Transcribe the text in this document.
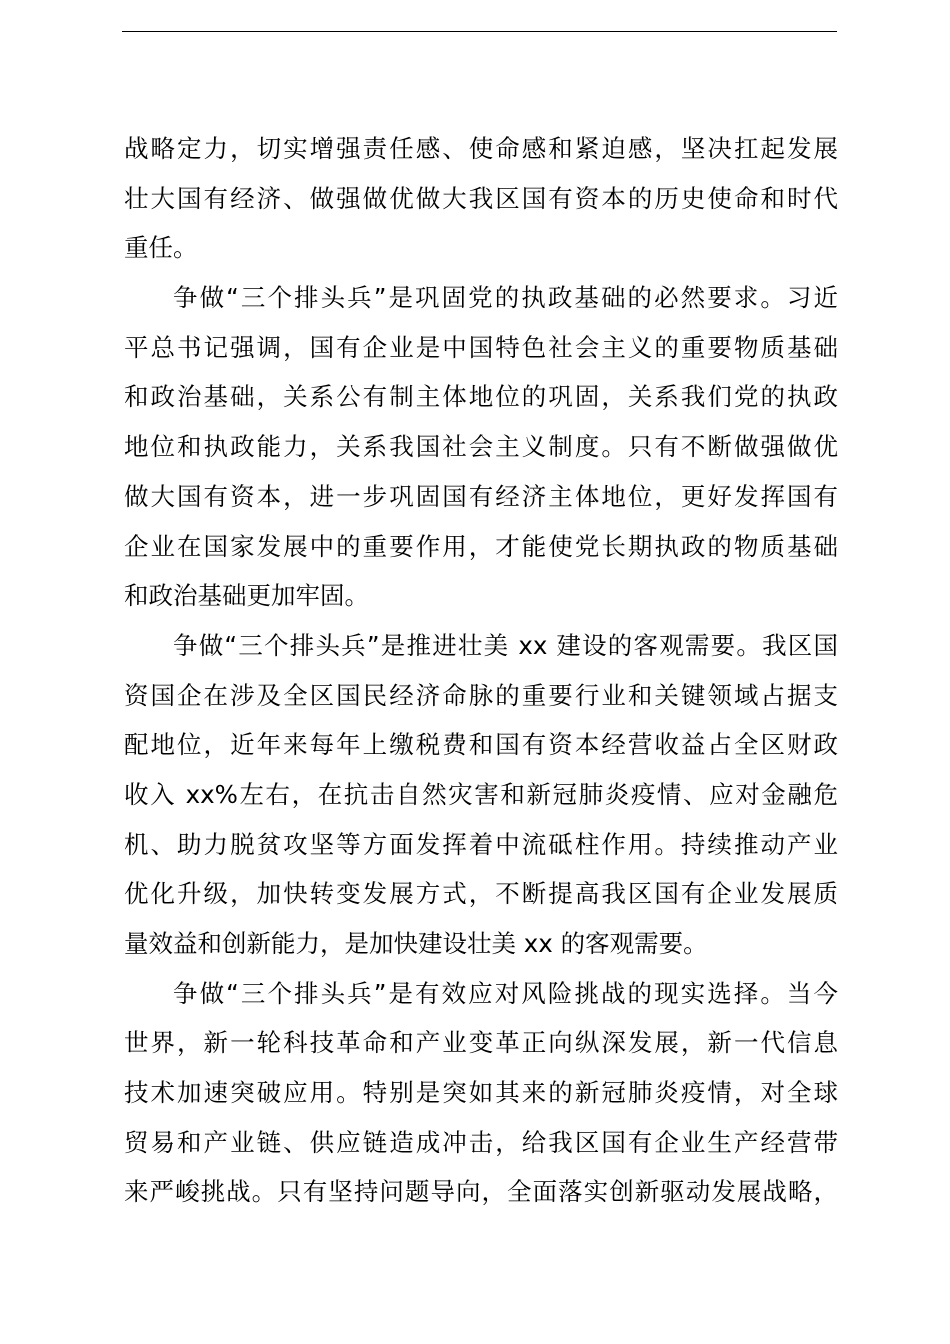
战略定力，切实增强责任感、使命感和紧迫感，坚决扛起发展
壮大国有经济、做强做优做大我区国有资本的历史使命和时代
重任。
争做“三个排头兵”是巩固党的执政基础的必然要求。习近
平总书记强调，国有企业是中国特色社会主义的重要物质基础
和政治基础，关系公有制主体地位的巩固，关系我们党的执政
地位和执政能力，关系我国社会主义制度。只有不断做强做优
做大国有资本，进一步巩固国有经济主体地位，更好发挥国有
企业在国家发展中的重要作用，才能使党长期执政的物质基础
和政治基础更加牢固。
争做“三个排头兵”是推进壮美 xx 建设的客观需要。我区国
资国企在涉及全区国民经济命脉的重要行业和关键领域占据支
配地位，近年来每年上缴税费和国有资本经营收益占全区财政
收入 xx%左右，在抗击自然灾害和新冠肺炎疫情、应对金融危
机、助力脱贫攻坚等方面发挥着中流砥柱作用。持续推动产业
优化升级，加快转变发展方式，不断提高我区国有企业发展质
量效益和创新能力，是加快建设壮美 xx 的客观需要。
争做“三个排头兵”是有效应对风险挑战的现实选择。当今
世界，新一轮科技革命和产业变革正向纵深发展，新一代信息
技术加速突破应用。特别是突如其来的新冠肺炎疫情，对全球
贸易和产业链、供应链造成冲击，给我区国有企业生产经营带
来严峻挑战。只有坚持问题导向，全面落实创新驱动发展战略，
